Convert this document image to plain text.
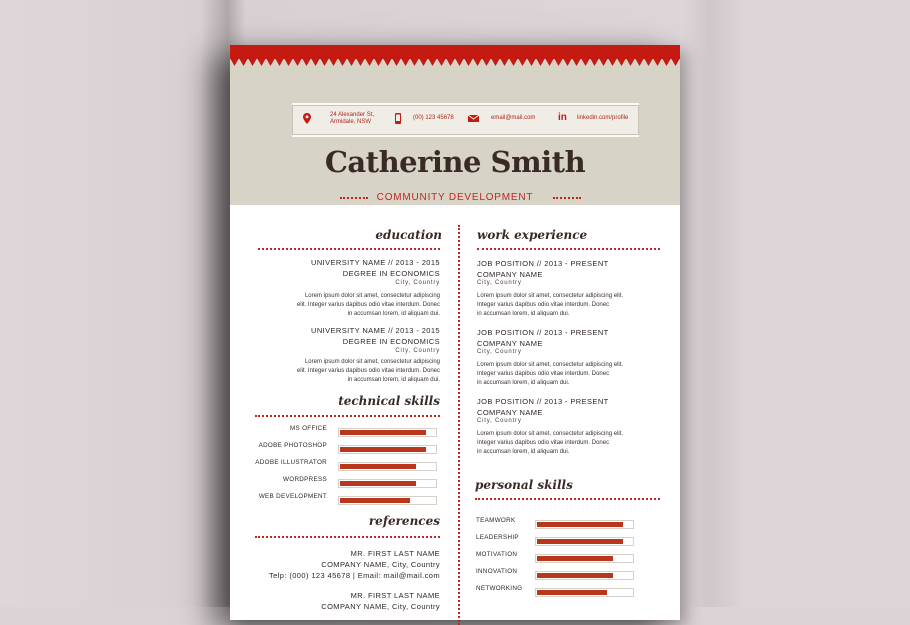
24 Alexander St, Armidale, NSW
(00) 123 45678	email@mail.com in linkedin.com/profile
Catherine Smith
COMMUNITY DEVELOPMENT
education
UNIVERSITY NAME // 2013 - 2015
DEGREE IN ECONOMICS
City, Country
Lorem ipsum dolor sit amet, consectetur adipiscing
elit. Integer varius dapibus odio vitae interdum. Donec
in accumsan lorem, id aliquam dui.
UNIVERSITY NAME // 2013 - 2015
DEGREE IN ECONOMICS
City, Country
Lorem ipsum dolor sit amet, consectetur adipiscing
elit. Integer varius dapibus odio vitae interdum. Donec
in accumsan lorem, id aliquam dui.
technical skills
references
MR. FIRST LAST NAME
COMPANY NAME, City, Country
Telp: (000) 123 45678 | Email: mail@mail.com
MR. FIRST LAST NAME
COMPANY NAME, City, Country
work experience
JOB POSITION // 2013 - PRESENT
COMPANY NAME
City, Country
Lorem ipsum dolor sit amet, consectetur adipiscing elit.
Integer varius dapibus odio vitae interdum. Donec
in accumsan lorem, id aliquam dui.
JOB POSITION // 2013 - PRESENT
COMPANY NAME
City, Country
Lorem ipsum dolor sit amet, consectetur adipiscing elit.
Integer varius dapibus odio vitae interdum. Donec
in accumsan lorem, id aliquam dui.
JOB POSITION // 2013 - PRESENT
COMPANY NAME
City, Country
Lorem ipsum dolor sit amet, consectetur adipiscing elit.
Integer varius dapibus odio vitae interdum. Donec
in accumsan lorem, id aliquam dui.
personal skills
MS OFFICE
ADOBE PHOTOSHOP
ADOBE ILLUSTRATOR
WORDPRESS
WEB DEVELOPMENT
TEAMWORK
LEADERSHIP
MOTIVATION
INNOVATION
NETWORKING
